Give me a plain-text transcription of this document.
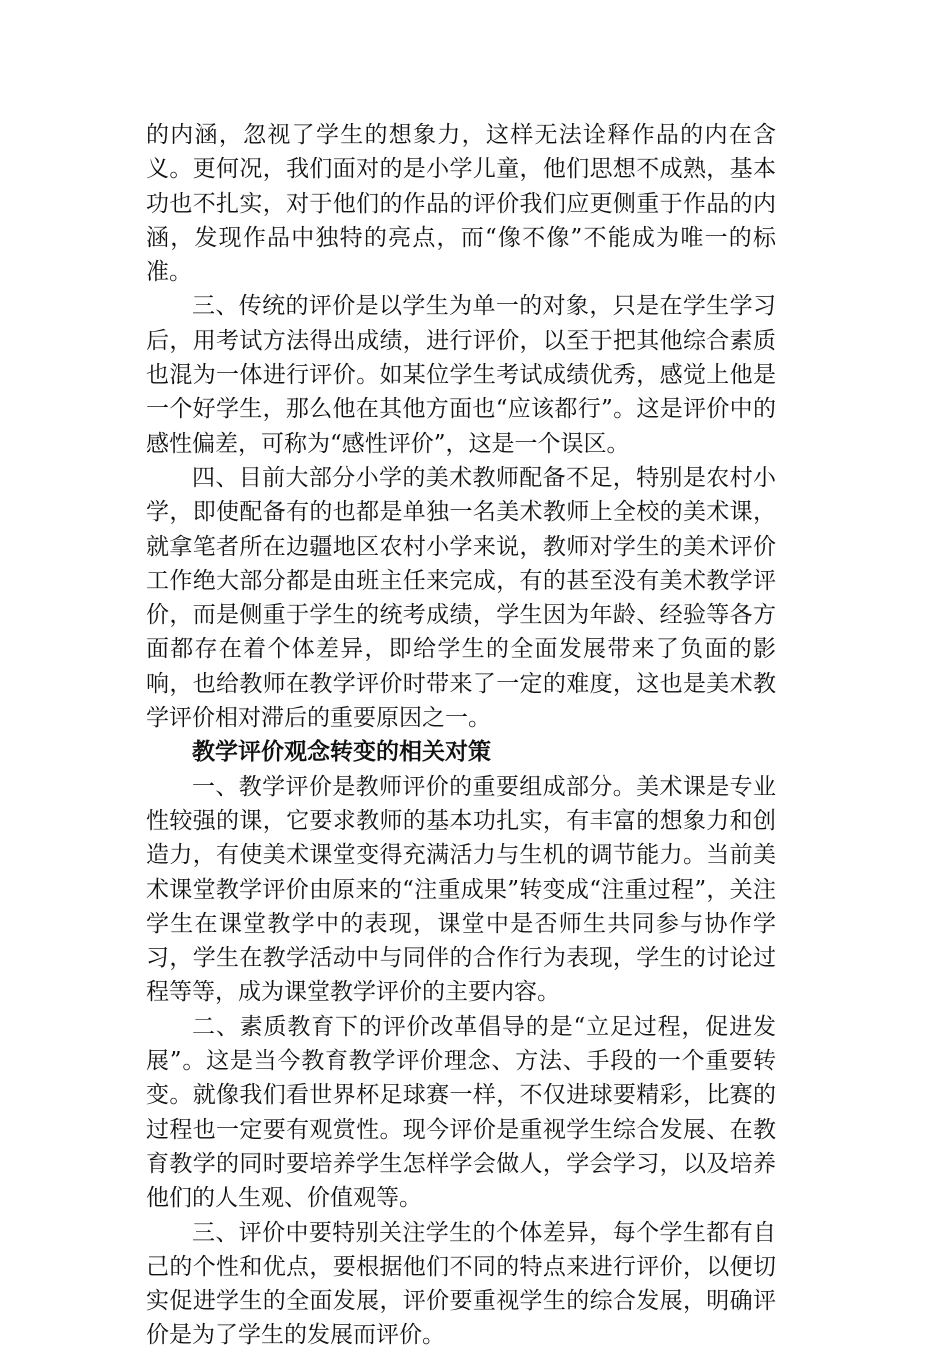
的内涵，忽视了学生的想象力，这样无法诠释作品的内在含义。更何况，我们面对的是小学儿童，他们思想不成熟，基本功也不扎实，对于他们的作品的评价我们应更侧重于作品的内涵，发现作品中独特的亮点，而“像不像”不能成为唯一的标准。

三、传统的评价是以学生为单一的对象，只是在学生学习后，用考试方法得出成绩，进行评价，以至于把其他综合素质也混为一体进行评价。如某位学生考试成绩优秀，感觉上他是一个好学生，那么他在其他方面也“应该都行”。这是评价中的感性偏差，可称为“感性评价”，这是一个误区。

四、目前大部分小学的美术教师配备不足，特别是农村小学，即使配备有的也都是单独一名美术教师上全校的美术课，就拿笔者所在边疆地区农村小学来说，教师对学生的美术评价工作绝大部分都是由班主任来完成，有的甚至没有美术教学评价，而是侧重于学生的统考成绩，学生因为年龄、经验等各方面都存在着个体差异，即给学生的全面发展带来了负面的影响，也给教师在教学评价时带来了一定的难度，这也是美术教学评价相对滞后的重要原因之一。

教学评价观念转变的相关对策

一、教学评价是教师评价的重要组成部分。美术课是专业性较强的课，它要求教师的基本功扎实，有丰富的想象力和创造力，有使美术课堂变得充满活力与生机的调节能力。当前美术课堂教学评价由原来的“注重成果”转变成“注重过程”，关注学生在课堂教学中的表现，课堂中是否师生共同参与协作学习，学生在教学活动中与同伴的合作行为表现，学生的讨论过程等等，成为课堂教学评价的主要内容。

二、素质教育下的评价改革倡导的是“立足过程，促进发展”。这是当今教育教学评价理念、方法、手段的一个重要转变。就像我们看世界杯足球赛一样，不仅进球要精彩，比赛的过程也一定要有观赏性。现今评价是重视学生综合发展、在教育教学的同时要培养学生怎样学会做人，学会学习，以及培养他们的人生观、价值观等。

三、评价中要特别关注学生的个体差异，每个学生都有自己的个性和优点，要根据他们不同的特点来进行评价，以便切实促进学生的全面发展，评价要重视学生的综合发展，明确评价是为了学生的发展而评价。
